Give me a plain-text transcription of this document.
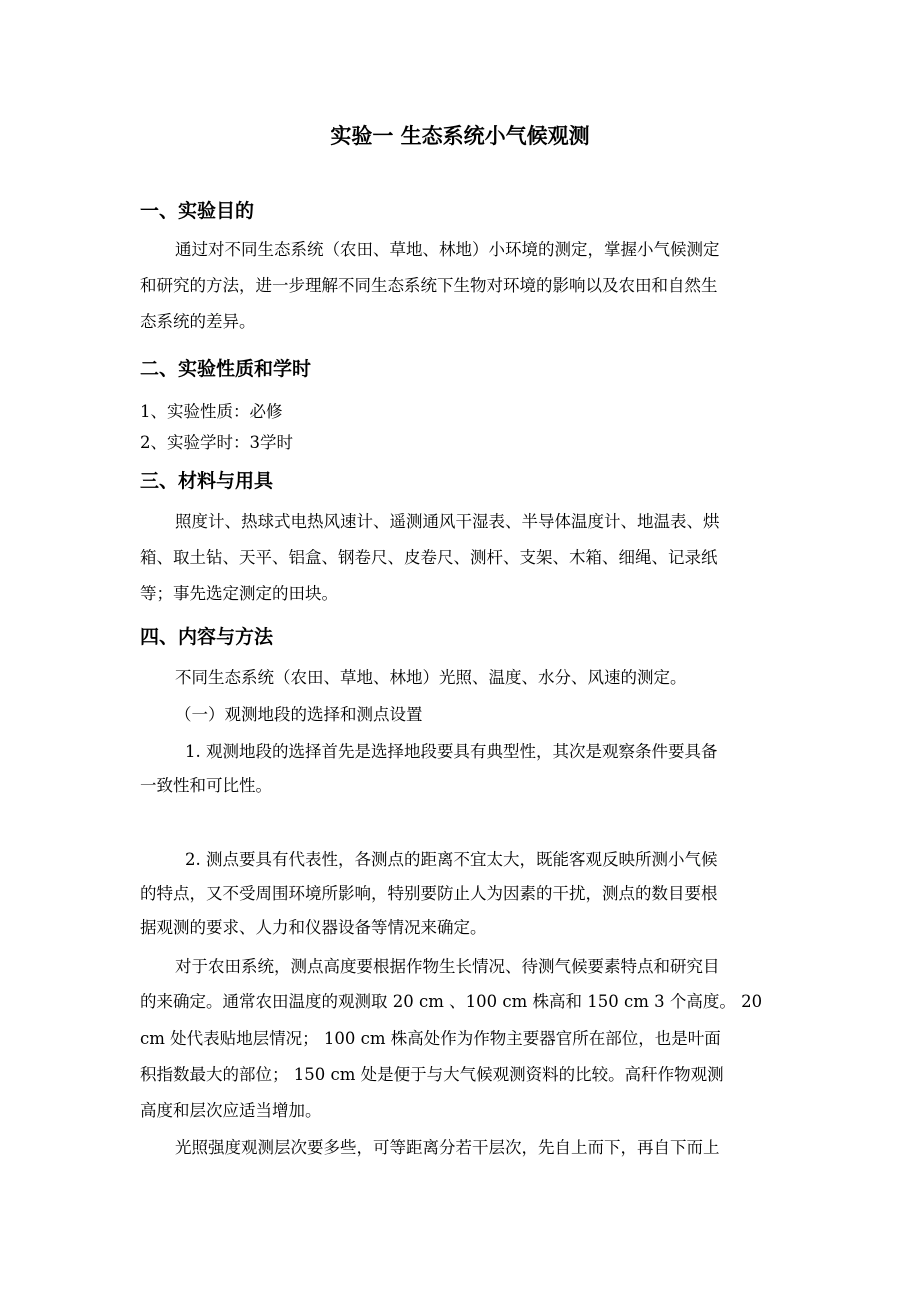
实验一 生态系统小气候观测
一、实验目的
通过对不同生态系统（农田、草地、林地）小环境的测定，掌握小气候测定
和研究的方法，进一步理解不同生态系统下生物对环境的影响以及农田和自然生
态系统的差异。
二、实验性质和学时
1、实验性质：必修
2、实验学时：3学时
三、材料与用具
照度计、热球式电热风速计、遥测通风干湿表、半导体温度计、地温表、烘
箱、取土钻、天平、铝盒、钢卷尺、皮卷尺、测杆、支架、木箱、细绳、记录纸
等；事先选定测定的田块。
四、内容与方法
不同生态系统（农田、草地、林地）光照、温度、水分、风速的测定。
（一）观测地段的选择和测点设置
1. 观测地段的选择首先是选择地段要具有典型性，其次是观察条件要具备
一致性和可比性。
2. 测点要具有代表性，各测点的距离不宜太大，既能客观反映所测小气候
的特点，又不受周围环境所影响，特别要防止人为因素的干扰，测点的数目要根
据观测的要求、人力和仪器设备等情况来确定。
对于农田系统，测点高度要根据作物生长情况、待测气候要素特点和研究目
的来确定。通常农田温度的观测取 20 cm 、100 cm 株高和 150 cm 3 个高度。 20
cm 处代表贴地层情况； 100 cm 株高处作为作物主要器官所在部位，也是叶面
积指数最大的部位； 150 cm 处是便于与大气候观测资料的比较。高秆作物观测
高度和层次应适当增加。
光照强度观测层次要多些，可等距离分若干层次，先自上而下，再自下而上
